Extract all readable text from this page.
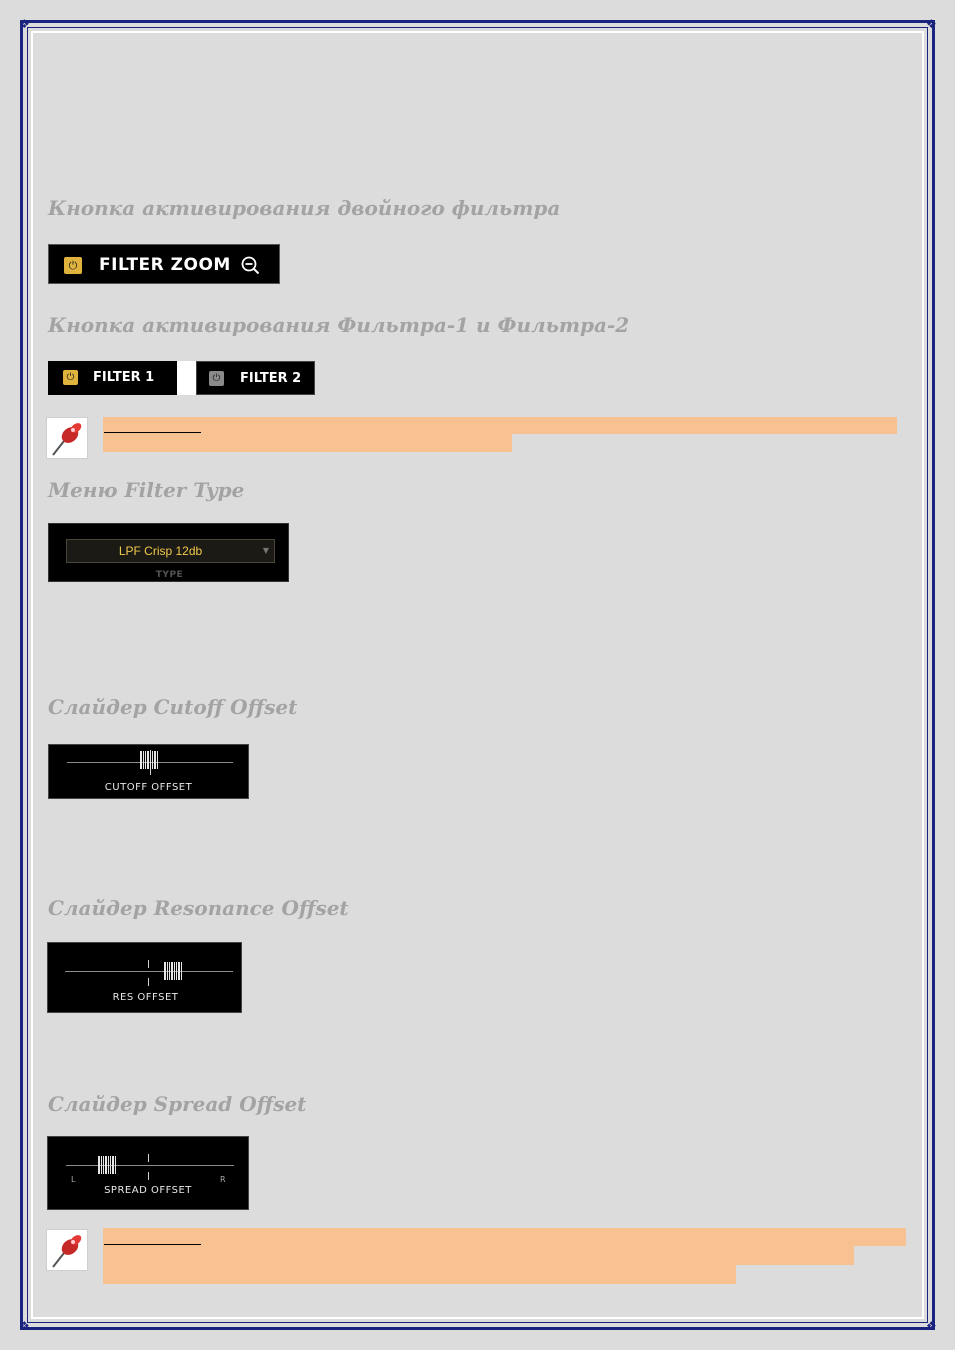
❖	❖
❖	❖
Кнопка активирования двойного фильтра
⏻ FILTER ZOOM
Кнопка активирования Фильтра-1 и Фильтра-2
⏻ FILTER 1	⏻ FILTER 2
Меню Filter Type
LPF Crisp 12db	▼
TYPE
Слайдер Cutoff Offset
CUTOFF OFFSET
Слайдер Resonance Offset
RES OFFSET
Слайдер Spread Offset
L	R
SPREAD OFFSET
